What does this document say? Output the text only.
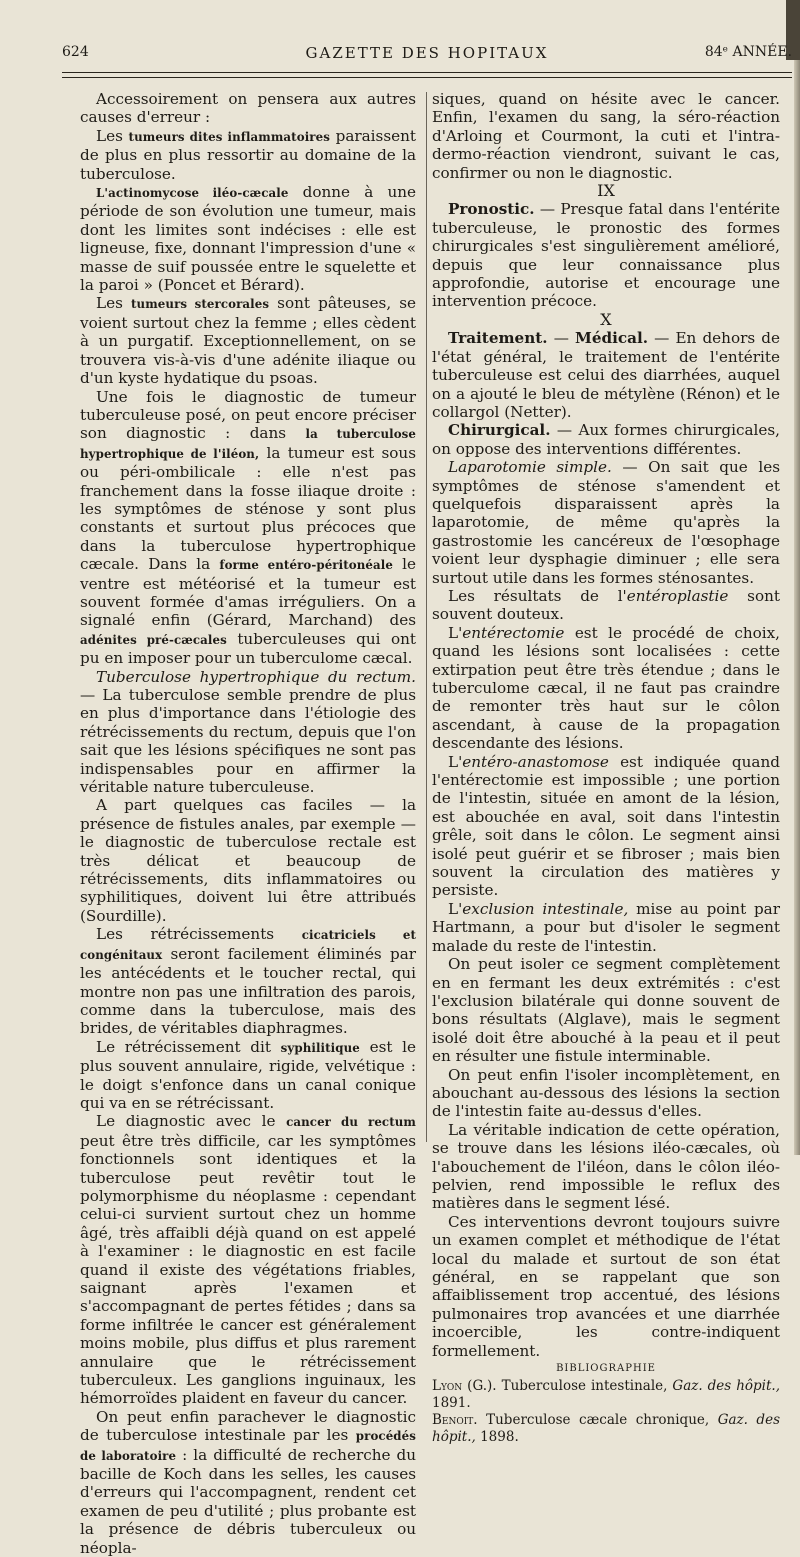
624	GAZETTE DES HOPITAUX	84ᵉ ANNÉE.

Accessoirement on pensera aux autres causes d'erreur :

Les tumeurs dites inflammatoires paraissent de plus en plus ressortir au domaine de la tuberculose.

L'actinomycose iléo-cæcale donne à une période de son évolution une tumeur, mais dont les limites sont indécises : elle est ligneuse, fixe, donnant l'impression d'une « masse de suif poussée entre le squelette et la paroi » (Poncet et Bérard).

Les tumeurs stercorales sont pâteuses, se voient surtout chez la femme ; elles cèdent à un purgatif. Exceptionnellement, on se trouvera vis-à-vis d'une adénite iliaque ou d'un kyste hydatique du psoas.

Une fois le diagnostic de tumeur tuberculeuse posé, on peut encore préciser son diagnostic : dans la tuberculose hypertrophique de l'iléon, la tumeur est sous ou péri-ombilicale : elle n'est pas franchement dans la fosse iliaque droite : les symptômes de sténose y sont plus constants et surtout plus précoces que dans la tuberculose hypertrophique cæcale. Dans la forme entéro-péritonéale le ventre est météorisé et la tumeur est souvent formée d'amas irréguliers. On a signalé enfin (Gérard, Marchand) des adénites pré-cæcales tuberculeuses qui ont pu en imposer pour un tuberculome cæcal.

Tuberculose hypertrophique du rectum. — La tuberculose semble prendre de plus en plus d'importance dans l'étiologie des rétrécissements du rectum, depuis que l'on sait que les lésions spécifiques ne sont pas indispensables pour en affirmer la véritable nature tuberculeuse.

A part quelques cas faciles — la présence de fistules anales, par exemple — le diagnostic de tuberculose rectale est très délicat et beaucoup de rétrécissements, dits inflammatoires ou syphilitiques, doivent lui être attribués (Sourdille).

Les rétrécissements cicatriciels et congénitaux seront facilement éliminés par les antécédents et le toucher rectal, qui montre non pas une infiltration des parois, comme dans la tuberculose, mais des brides, de véritables diaphragmes.

Le rétrécissement dit syphilitique est le plus souvent annulaire, rigide, velvétique : le doigt s'enfonce dans un canal conique qui va en se rétrécissant.

Le diagnostic avec le cancer du rectum peut être très difficile, car les symptômes fonctionnels sont identiques et la tuberculose peut revêtir tout le polymorphisme du néoplasme : cependant celui-ci survient surtout chez un homme âgé, très affaibli déjà quand on est appelé à l'examiner : le diagnostic en est facile quand il existe des végétations friables, saignant après l'examen et s'accompagnant de pertes fétides ; dans sa forme infiltrée le cancer est généralement moins mobile, plus diffus et plus rarement annulaire que le rétrécissement tuberculeux. Les ganglions inguinaux, les hémorroïdes plaident en faveur du cancer.

On peut enfin parachever le diagnostic de tuberculose intestinale par les procédés de laboratoire : la difficulté de recherche du bacille de Koch dans les selles, les causes d'erreurs qui l'accompagnent, rendent cet examen de peu d'utilité ; plus probante est la présence de débris tuberculeux ou néopla-

siques, quand on hésite avec le cancer. Enfin, l'examen du sang, la séro-réaction d'Arloing et Courmont, la cuti et l'intra-dermo-réaction viendront, suivant le cas, confirmer ou non le diagnostic.

IX

Pronostic. — Presque fatal dans l'entérite tuberculeuse, le pronostic des formes chirurgicales s'est singulièrement amélioré, depuis que leur connaissance plus approfondie, autorise et encourage une intervention précoce.

X

Traitement. — Médical. — En dehors de l'état général, le traitement de l'entérite tuberculeuse est celui des diarrhées, auquel on a ajouté le bleu de métylène (Rénon) et le collargol (Netter).

Chirurgical. — Aux formes chirurgicales, on oppose des interventions différentes.

Laparotomie simple. — On sait que les symptômes de sténose s'amendent et quelquefois disparaissent après la laparotomie, de même qu'après la gastrostomie les cancéreux de l'œsophage voient leur dysphagie diminuer ; elle sera surtout utile dans les formes sténosantes.

Les résultats de l'entéroplastie sont souvent douteux.

L'entérectomie est le procédé de choix, quand les lésions sont localisées : cette extirpation peut être très étendue ; dans le tuberculome cæcal, il ne faut pas craindre de remonter très haut sur le côlon ascendant, à cause de la propagation descendante des lésions.

L'entéro-anastomose est indiquée quand l'entérectomie est impossible ; une portion de l'intestin, située en amont de la lésion, est abouchée en aval, soit dans l'intestin grêle, soit dans le côlon. Le segment ainsi isolé peut guérir et se fibroser ; mais bien souvent la circulation des matières y persiste.

L'exclusion intestinale, mise au point par Hartmann, a pour but d'isoler le segment malade du reste de l'intestin.

On peut isoler ce segment complètement en en fermant les deux extrémités : c'est l'exclusion bilatérale qui donne souvent de bons résultats (Alglave), mais le segment isolé doit être abouché à la peau et il peut en résulter une fistule interminable.

On peut enfin l'isoler incomplètement, en abouchant au-dessous des lésions la section de l'intestin faite au-dessus d'elles.

La véritable indication de cette opération, se trouve dans les lésions iléo-cæcales, où l'abouchement de l'iléon, dans le côlon iléo-pelvien, rend impossible le reflux des matières dans le segment lésé.

Ces interventions devront toujours suivre un examen complet et méthodique de l'état local du malade et surtout de son état général, en se rappelant que son affaiblissement trop accentué, des lésions pulmonaires trop avancées et une diarrhée incoercible, les contre-indiquent formellement.

BIBLIOGRAPHIE

Lyon (G.). Tuberculose intestinale, Gaz. des hôpit., 1891.

Benoit. Tuberculose cæcale chronique, Gaz. des hôpit., 1898.
